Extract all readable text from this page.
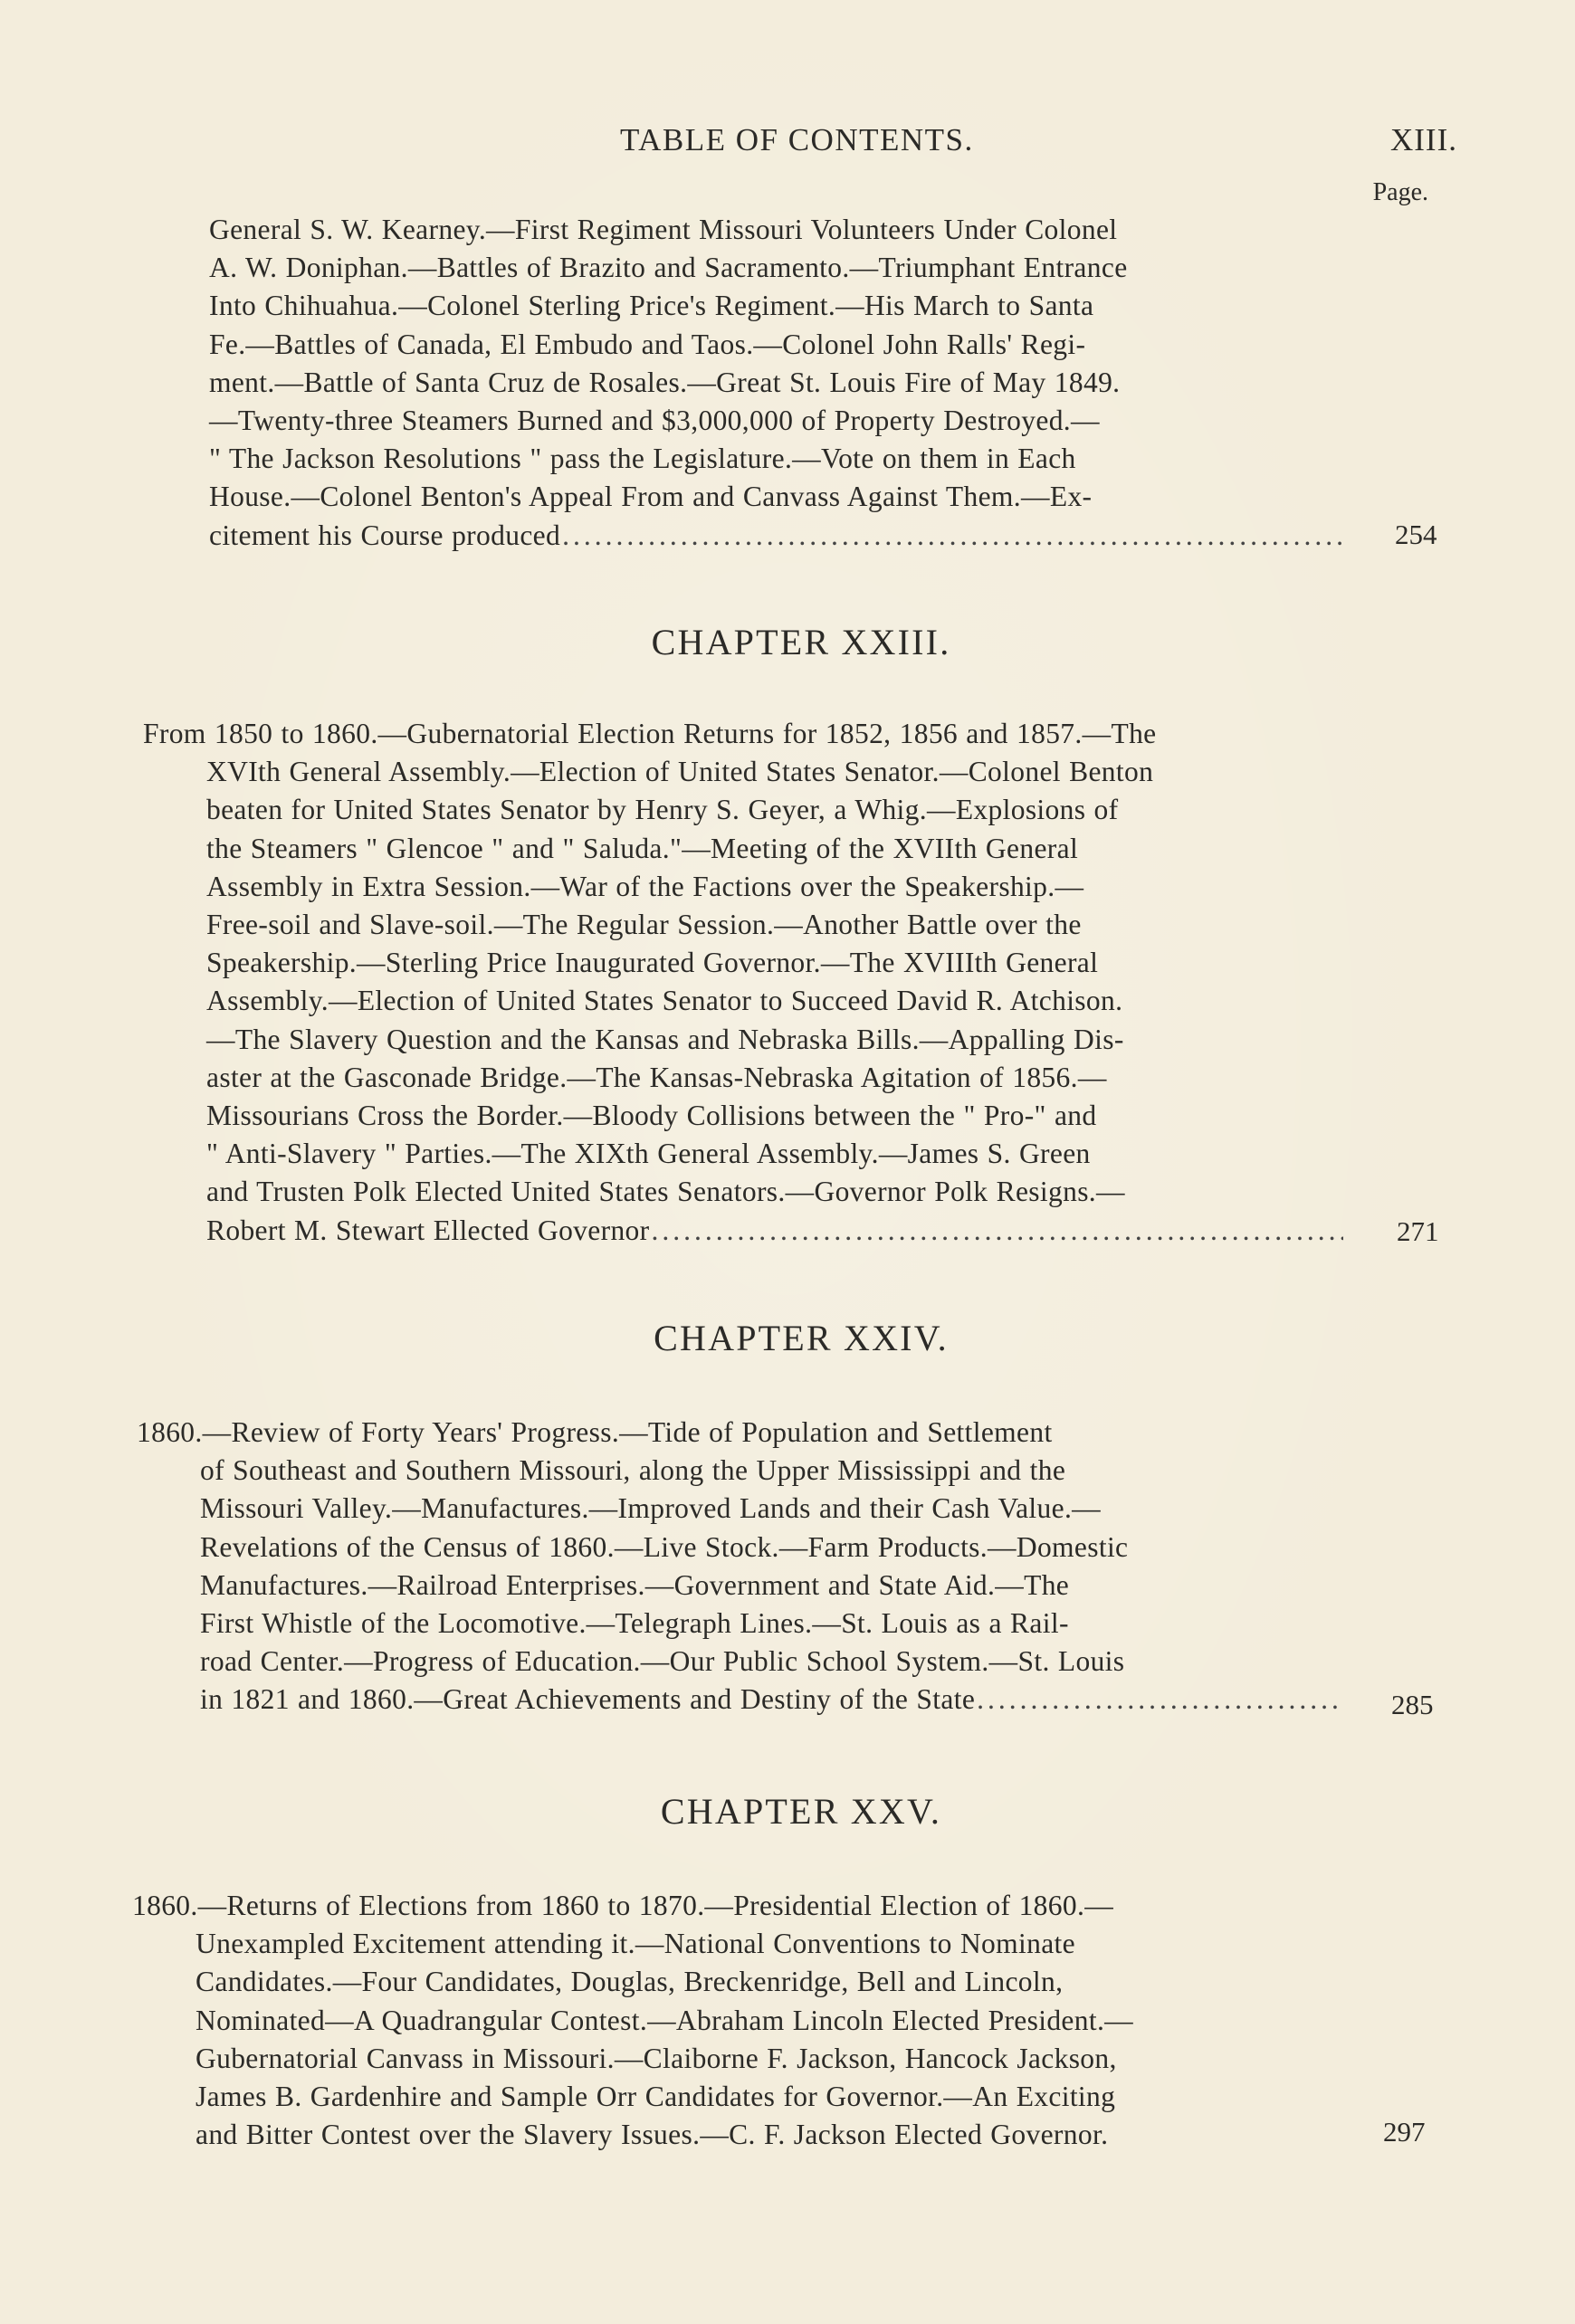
TABLE OF CONTENTS.	XIII.
Page.

General S. W. Kearney.—First Regiment Missouri Volunteers Under Colonel

A. W. Doniphan.—Battles of Brazito and Sacramento.—Triumphant Entrance

Into Chihuahua.—Colonel Sterling Price's Regiment.—His March to Santa

Fe.—Battles of Canada, El Embudo and Taos.—Colonel John Ralls' Regi-

ment.—Battle of Santa Cruz de Rosales.—Great St. Louis Fire of May 1849.

—Twenty-three Steamers Burned and $3,000,000 of Property Destroyed.—

" The Jackson Resolutions " pass the Legislature.—Vote on them in Each

House.—Colonel Benton's Appeal From and Canvass Against Them.—Ex-

citement his Course produced .....	254
CHAPTER XXIII.

From 1850 to 1860.—Gubernatorial Election Returns for 1852, 1856 and 1857.—The

XVIth General Assembly.—Election of United States Senator.—Colonel Benton

beaten for United States Senator by Henry S. Geyer, a Whig.—Explosions of

the Steamers " Glencoe " and " Saluda."—Meeting of the XVIIth General

Assembly in Extra Session.—War of the Factions over the Speakership.—

Free-soil and Slave-soil.—The Regular Session.—Another Battle over the

Speakership.—Sterling Price Inaugurated Governor.—The XVIIIth General

Assembly.—Election of United States Senator to Succeed David R. Atchison.

—The Slavery Question and the Kansas and Nebraska Bills.—Appalling Dis-

aster at the Gasconade Bridge.—The Kansas-Nebraska Agitation of 1856.—

Missourians Cross the Border.—Bloody Collisions between the " Pro-" and

" Anti-Slavery " Parties.—The XIXth General Assembly.—James S. Green

and Trusten Polk Elected United States Senators.—Governor Polk Resigns.—

Robert M. Stewart Ellected Governor .....	271
CHAPTER XXIV.

1860.—Review of Forty Years' Progress.—Tide of Population and Settlement

of Southeast and Southern Missouri, along the Upper Mississippi and the

Missouri Valley.—Manufactures.—Improved Lands and their Cash Value.—

Revelations of the Census of 1860.—Live Stock.—Farm Products.—Domestic

Manufactures.—Railroad Enterprises.—Government and State Aid.—The

First Whistle of the Locomotive.—Telegraph Lines.—St. Louis as a Rail-

road Center.—Progress of Education.—Our Public School System.—St. Louis

in 1821 and 1860.—Great Achievements and Destiny of the State .....	285
CHAPTER XXV.

1860.—Returns of Elections from 1860 to 1870.—Presidential Election of 1860.—

Unexampled Excitement attending it.—National Conventions to Nominate

Candidates.—Four Candidates, Douglas, Breckenridge, Bell and Lincoln,

Nominated—A Quadrangular Contest.—Abraham Lincoln Elected President.—

Gubernatorial Canvass in Missouri.—Claiborne F. Jackson, Hancock Jackson,

James B. Gardenhire and Sample Orr Candidates for Governor.—An Exciting

and Bitter Contest over the Slavery Issues.—C. F. Jackson Elected Governor.	297
